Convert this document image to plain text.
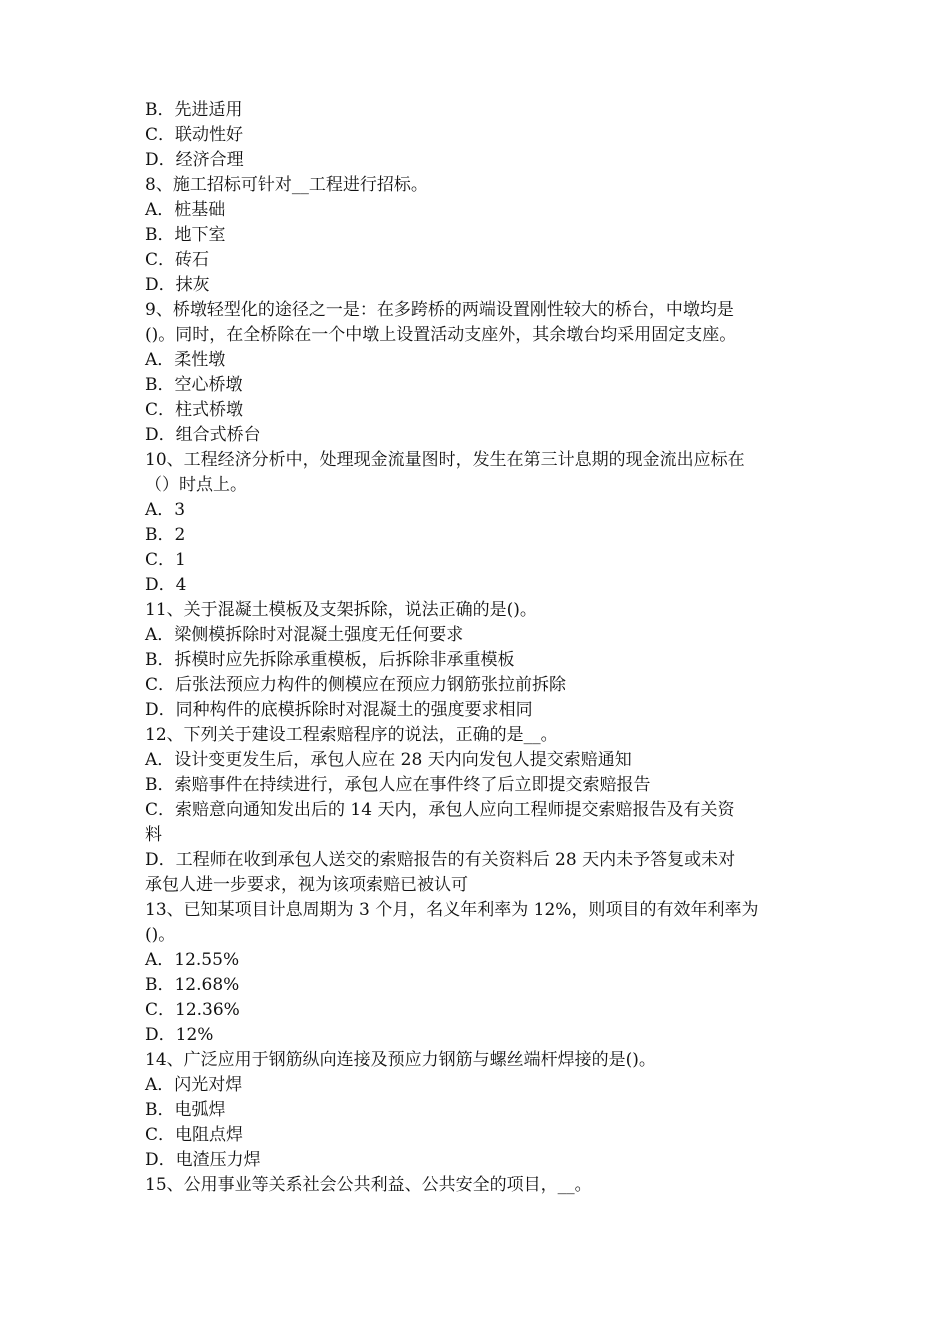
B．先进适用
C．联动性好
D．经济合理
8、施工招标可针对__工程进行招标。
A．桩基础
B．地下室
C．砖石
D．抹灰
9、桥墩轻型化的途径之一是：在多跨桥的两端设置刚性较大的桥台，中墩均是
()。同时，在全桥除在一个中墩上设置活动支座外，其余墩台均采用固定支座。
A．柔性墩
B．空心桥墩
C．柱式桥墩
D．组合式桥台
10、工程经济分析中，处理现金流量图时，发生在第三计息期的现金流出应标在
（）时点上。
A．3
B．2
C．1
D．4
11、关于混凝土模板及支架拆除，说法正确的是()。
A．梁侧模拆除时对混凝土强度无任何要求
B．拆模时应先拆除承重模板，后拆除非承重模板
C．后张法预应力构件的侧模应在预应力钢筋张拉前拆除
D．同种构件的底模拆除时对混凝土的强度要求相同
12、下列关于建设工程索赔程序的说法，正确的是__。
A．设计变更发生后，承包人应在 28 天内向发包人提交索赔通知
B．索赔事件在持续进行，承包人应在事件终了后立即提交索赔报告
C．索赔意向通知发出后的 14 天内，承包人应向工程师提交索赔报告及有关资
料
D．工程师在收到承包人送交的索赔报告的有关资料后 28 天内未予答复或未对
承包人进一步要求，视为该项索赔已被认可
13、已知某项目计息周期为 3 个月，名义年利率为 12%，则项目的有效年利率为
()。
A．12.55%
B．12.68%
C．12.36%
D．12%
14、广泛应用于钢筋纵向连接及预应力钢筋与螺丝端杆焊接的是()。
A．闪光对焊
B．电弧焊
C．电阻点焊
D．电渣压力焊
15、公用事业等关系社会公共利益、公共安全的项目，__。
